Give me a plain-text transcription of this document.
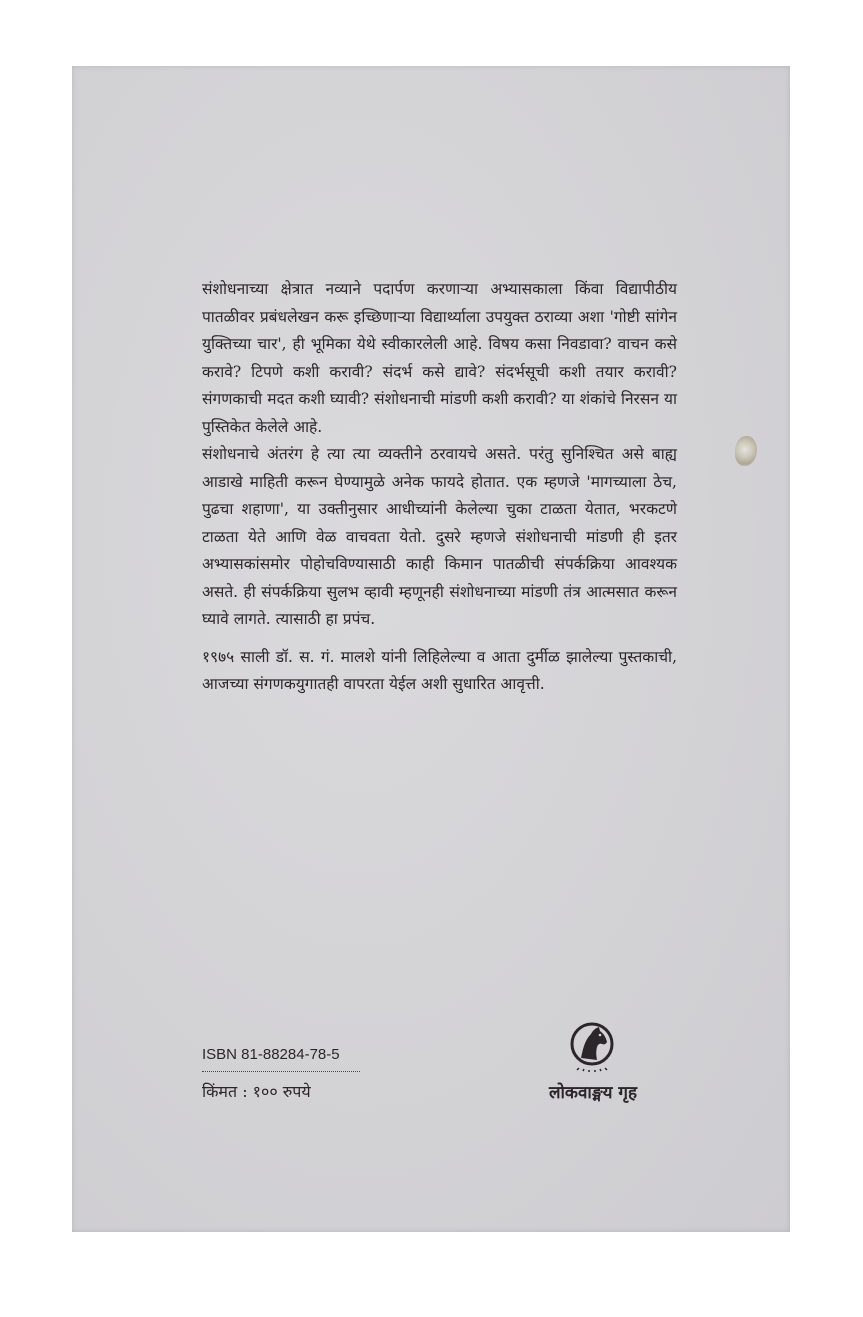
संशोधनाच्या क्षेत्रात नव्याने पदार्पण करणाऱ्या अभ्यासकाला किंवा विद्यापीठीय पातळीवर प्रबंधलेखन करू इच्छिणाऱ्या विद्यार्थ्याला उपयुक्त ठराव्या अशा 'गोष्टी सांगेन युक्तिच्या चार', ही भूमिका येथे स्वीकारलेली आहे. विषय कसा निवडावा? वाचन कसे करावे? टिपणे कशी करावी? संदर्भ कसे द्यावे? संदर्भसूची कशी तयार करावी? संगणकाची मदत कशी घ्यावी? संशोधनाची मांडणी कशी करावी? या शंकांचे निरसन या पुस्तिकेत केलेले आहे.

संशोधनाचे अंतरंग हे त्या त्या व्यक्तीने ठरवायचे असते. परंतु सुनिश्चित असे बाह्य आडाखे माहिती करून घेण्यामुळे अनेक फायदे होतात. एक म्हणजे 'मागच्याला ठेच, पुढचा शहाणा', या उक्तीनुसार आधीच्यांनी केलेल्या चुका टाळता येतात, भरकटणे टाळता येते आणि वेळ वाचवता येतो. दुसरे म्हणजे संशोधनाची मांडणी ही इतर अभ्यासकांसमोर पोहोचविण्यासाठी काही किमान पातळीची संपर्कक्रिया आवश्यक असते. ही संपर्कक्रिया सुलभ व्हावी म्हणूनही संशोधनाच्या मांडणी तंत्र आत्मसात करून घ्यावे लागते. त्यासाठी हा प्रपंच.

१९७५ साली डॉ. स. गं. मालशे यांनी लिहिलेल्या व आता दुर्मीळ झालेल्या पुस्तकाची, आजच्या संगणकयुगातही वापरता येईल अशी सुधारित आवृत्ती.

ISBN 81-88284-78-5
किंमत : १०० रुपये	लोकवाङ्मय गृह
